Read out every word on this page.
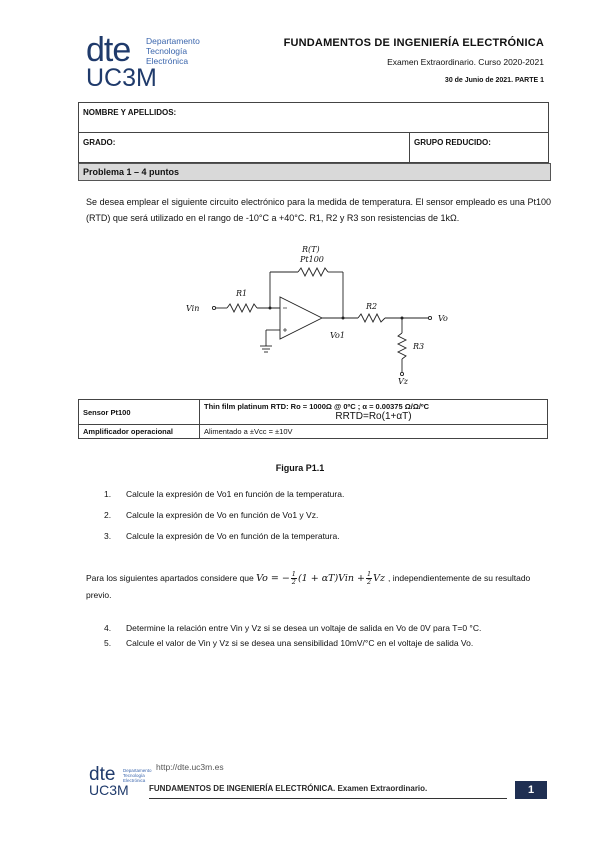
dte Departamento
Tecnología
Electrónica
UC3M
FUNDAMENTOS DE INGENIERÍA ELECTRÓNICA
Examen Extraordinario. Curso 2020-2021
30 de Junio de 2021. PARTE 1
NOMBRE Y APELLIDOS:
GRADO:	GRUPO REDUCIDO:
Problema 1 – 4 puntos
Se desea emplear el siguiente circuito electrónico para la medida de temperatura. El sensor empleado es una Pt100 (RTD) que será utilizado en el rango de -10°C a +40°C. R1, R2 y R3 son resistencias de 1kΩ.
R(T)
Pt100
Vin
R1
R2
R3
Vo1
Vo
Vz
Sensor Pt100	Thin film platinum RTD: Ro = 1000Ω @ 0ºC ; α = 0.00375 Ω/Ω/ºC
RRTD=Ro(1+αT)

Amplificador operacional	Alimentado a ±Vcc = ±10V
Figura P1.1
1. Calcule la expresión de Vo1 en función de la temperatura.
2. Calcule la expresión de Vo en función de Vo1 y Vz.
3. Calcule la expresión de Vo en función de la temperatura.
Para los siguientes apartados considere que Vo = − $\frac{1}{2} (1 + \alpha T)Vin + \frac{1}{2}$ Vz , independientemente de su resultado previo.
4. Determine la relación entre Vin y Vz si se desea un voltaje de salida en Vo de 0V para T=0 °C.
5. Calcule el valor de Vin y Vz si se desea una sensibilidad 10mV/°C en el voltaje de salida Vo.
dte Departamento
Tecnología
Electrónica
UC3M
http://dte.uc3m.es
FUNDAMENTOS DE INGENIERÍA ELECTRÓNICA. Examen Extraordinario.	1
